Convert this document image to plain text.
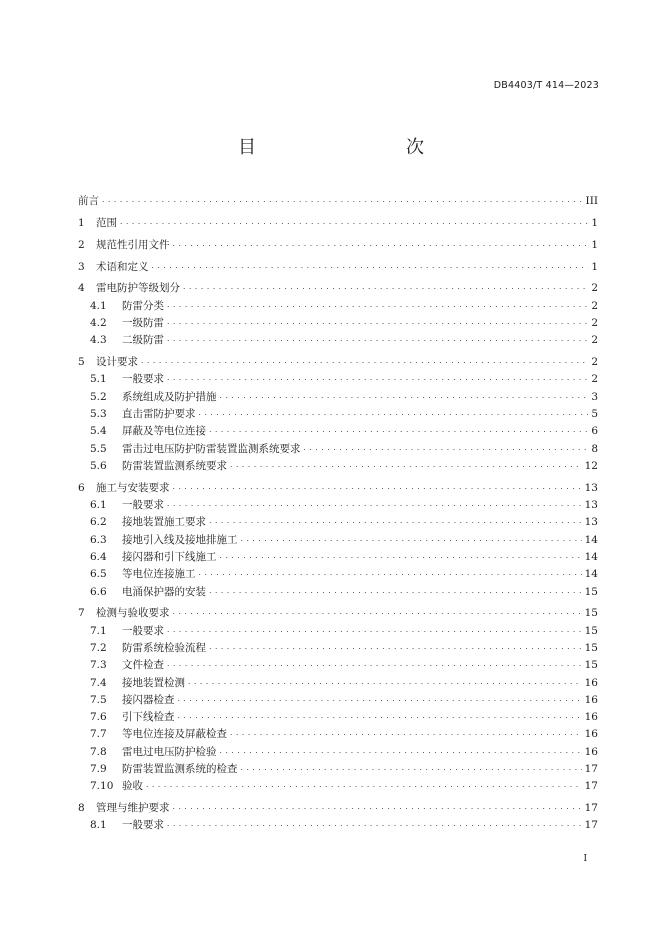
DB4403/T 414—2023
目　　次
前言 . . .	III
1	范围 . . .	1
2	规范性引用文件 . . .	1
3	术语和定义 . . .	1
4	雷电防护等级划分 . . .	2
4.1	防雷分类 . . .	2
4.2	一级防雷 . . .	2
4.3	二级防雷 . . .	2
5	设计要求 . . .	2
5.1	一般要求 . . .	2
5.2	系统组成及防护措施 . . .	3
5.3	直击雷防护要求 . . .	5
5.4	屏蔽及等电位连接 . . .	6
5.5	雷击过电压防护防雷装置监测系统要求 . . .	8
5.6	防雷装置监测系统要求 . . .	12
6	施工与安装要求 . . .	13
6.1	一般要求 . . .	13
6.2	接地装置施工要求 . . .	13
6.3	接地引入线及接地排施工 . . .	14
6.4	接闪器和引下线施工 . . .	14
6.5	等电位连接施工 . . .	14
6.6	电涌保护器的安装 . . .	15
7	检测与验收要求 . . .	15
7.1	一般要求 . . .	15
7.2	防雷系统检验流程 . . .	15
7.3	文件检查 . . .	15
7.4	接地装置检测 . . .	16
7.5	接闪器检查 . . .	16
7.6	引下线检查 . . .	16
7.7	等电位连接及屏蔽检查 . . .	16
7.8	雷电过电压防护检验 . . .	16
7.9	防雷装置监测系统的检查 . . .	17
7.10 验收 . . .	17
8	管理与维护要求 . . .	17
8.1	一般要求 . . .	17
I
